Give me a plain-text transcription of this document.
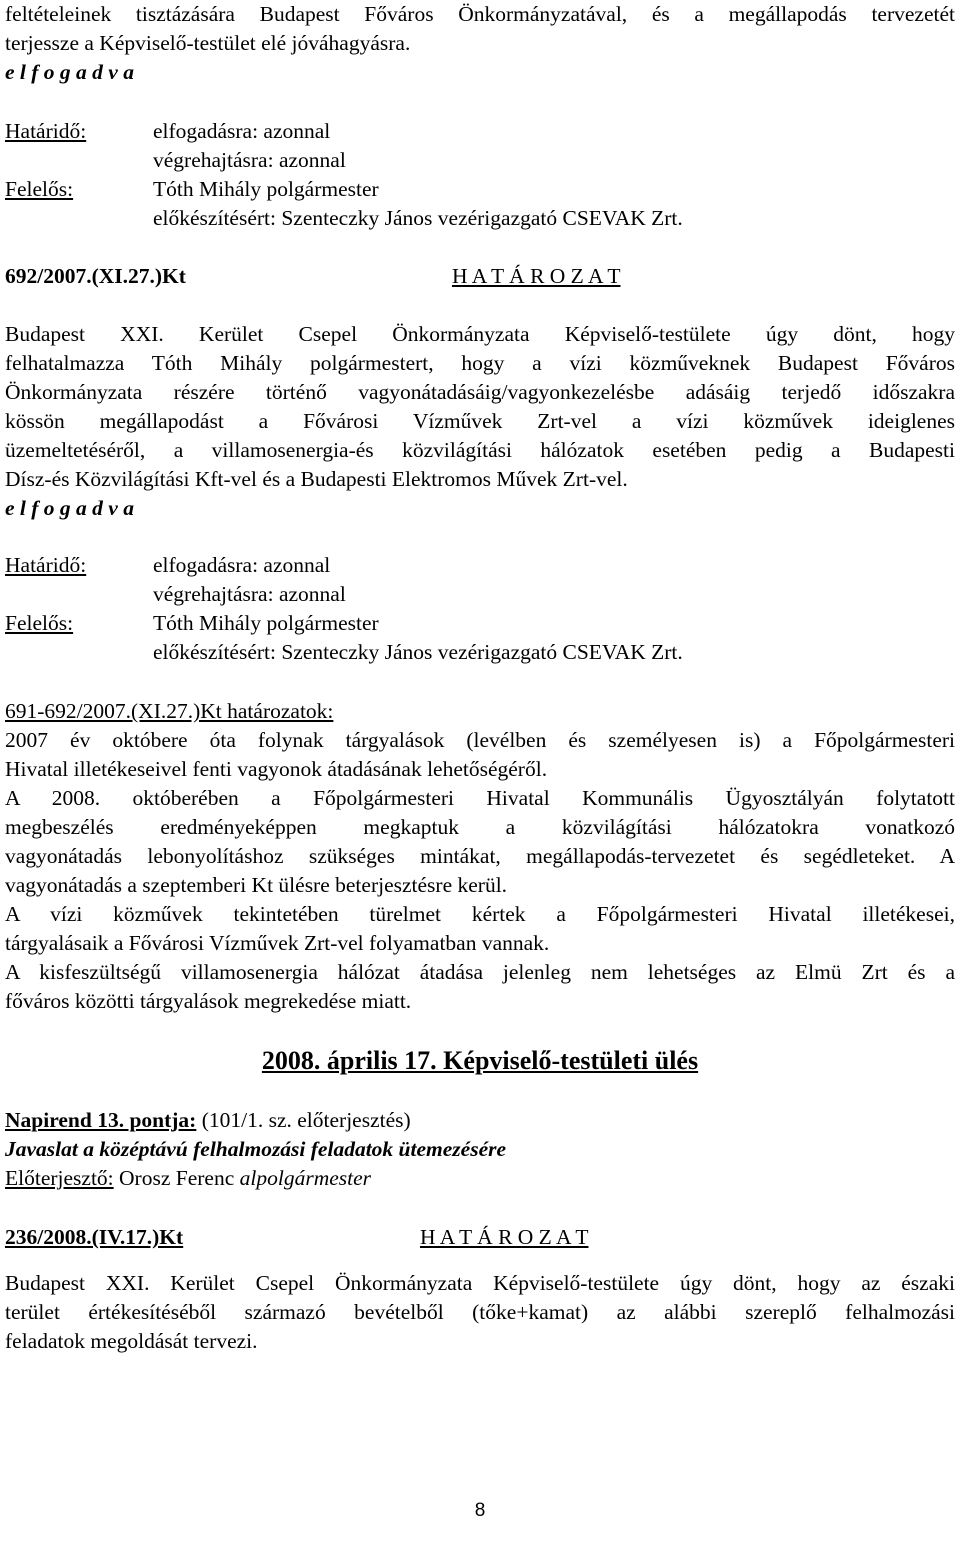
feltételeinek tisztázására Budapest Főváros Önkormányzatával, és a megállapodás tervezetét

terjessze a Képviselő-testület elé jóváhagyásra.

e l f o g a d v a

Határidő:	elfogadásra: azonnal
végrehajtásra: azonnal
Felelős:	Tóth Mihály polgármester
előkészítésért: Szenteczky János vezérigazgató CSEVAK Zrt.
692/2007.(XI.27.)Kt	H A T Á R O Z A T

Budapest XXI. Kerület Csepel Önkormányzata Képviselő-testülete úgy dönt, hogy

felhatalmazza Tóth Mihály polgármestert, hogy a vízi közműveknek Budapest Főváros

Önkormányzata részére történő vagyonátadásáig/vagyonkezelésbe adásáig terjedő időszakra

kössön megállapodást a Fővárosi Vízművek Zrt-vel a vízi közművek ideiglenes

üzemeltetéséről, a villamosenergia-és közvilágítási hálózatok esetében pedig a Budapesti

Dísz-és Közvilágítási Kft-vel és a Budapesti Elektromos Művek Zrt-vel.

e l f o g a d v a

Határidő:	elfogadásra: azonnal
végrehajtásra: azonnal
Felelős:	Tóth Mihály polgármester
előkészítésért: Szenteczky János vezérigazgató CSEVAK Zrt.

691-692/2007.(XI.27.)Kt határozatok:

2007 év októbere óta folynak tárgyalások (levélben és személyesen is) a Főpolgármesteri

Hivatal illetékeseivel fenti vagyonok átadásának lehetőségéről.

A 2008. októberében a Főpolgármesteri Hivatal Kommunális Ügyosztályán folytatott

megbeszélés eredményeképpen megkaptuk a közvilágítási hálózatokra vonatkozó

vagyonátadás lebonyolításhoz szükséges mintákat, megállapodás-tervezetet és segédleteket. A

vagyonátadás a szeptemberi Kt ülésre beterjesztésre kerül.

A vízi közművek tekintetében türelmet kértek a Főpolgármesteri Hivatal illetékesei,

tárgyalásaik a Fővárosi Vízművek Zrt-vel folyamatban vannak.

A kisfeszültségű villamosenergia hálózat átadása jelenleg nem lehetséges az Elmü Zrt és a

főváros közötti tárgyalások megrekedése miatt.

2008. április 17. Képviselő-testületi ülés

Napirend 13. pontja: (101/1. sz. előterjesztés)

Javaslat a középtávú felhalmozási feladatok ütemezésére

Előterjesztő: Orosz Ferenc alpolgármester

236/2008.(IV.17.)Kt	H A T Á R O Z A T

Budapest XXI. Kerület Csepel Önkormányzata Képviselő-testülete úgy dönt, hogy az északi

terület értékesítéséből származó bevételből (tőke+kamat) az alábbi szereplő felhalmozási

feladatok megoldását tervezi.

8
